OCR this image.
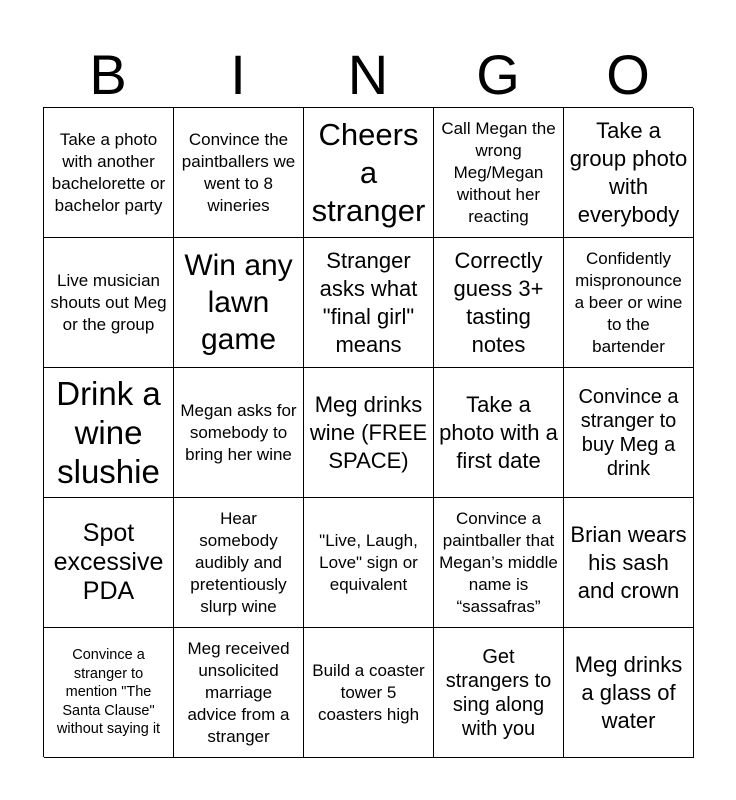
B	I	N	G	O
Take a photo with another bachelorette or bachelor party
Convince the paintballers we went to 8 wineries
Cheers a stranger
Call Megan the wrong Meg/Megan without her reacting
Take a group photo with everybody
Live musician shouts out Meg or the group
Win any lawn game
Stranger asks what "final girl" means
Correctly guess 3+ tasting notes
Confidently mispronounce a beer or wine to the bartender
Drink a wine slushie
Megan asks for somebody to bring her wine
Meg drinks wine (FREE SPACE)
Take a photo with a first date
Convince a stranger to buy Meg a drink
Spot excessive PDA
Hear somebody audibly and pretentiously slurp wine
"Live, Laugh, Love" sign or equivalent
Convince a paintballer that Megan’s middle name is “sassafras”
Brian wears his sash and crown
Convince a stranger to mention "The Santa Clause" without saying it
Meg received unsolicited marriage advice from a stranger
Build a coaster tower 5 coasters high
Get strangers to sing along with you
Meg drinks a glass of water
